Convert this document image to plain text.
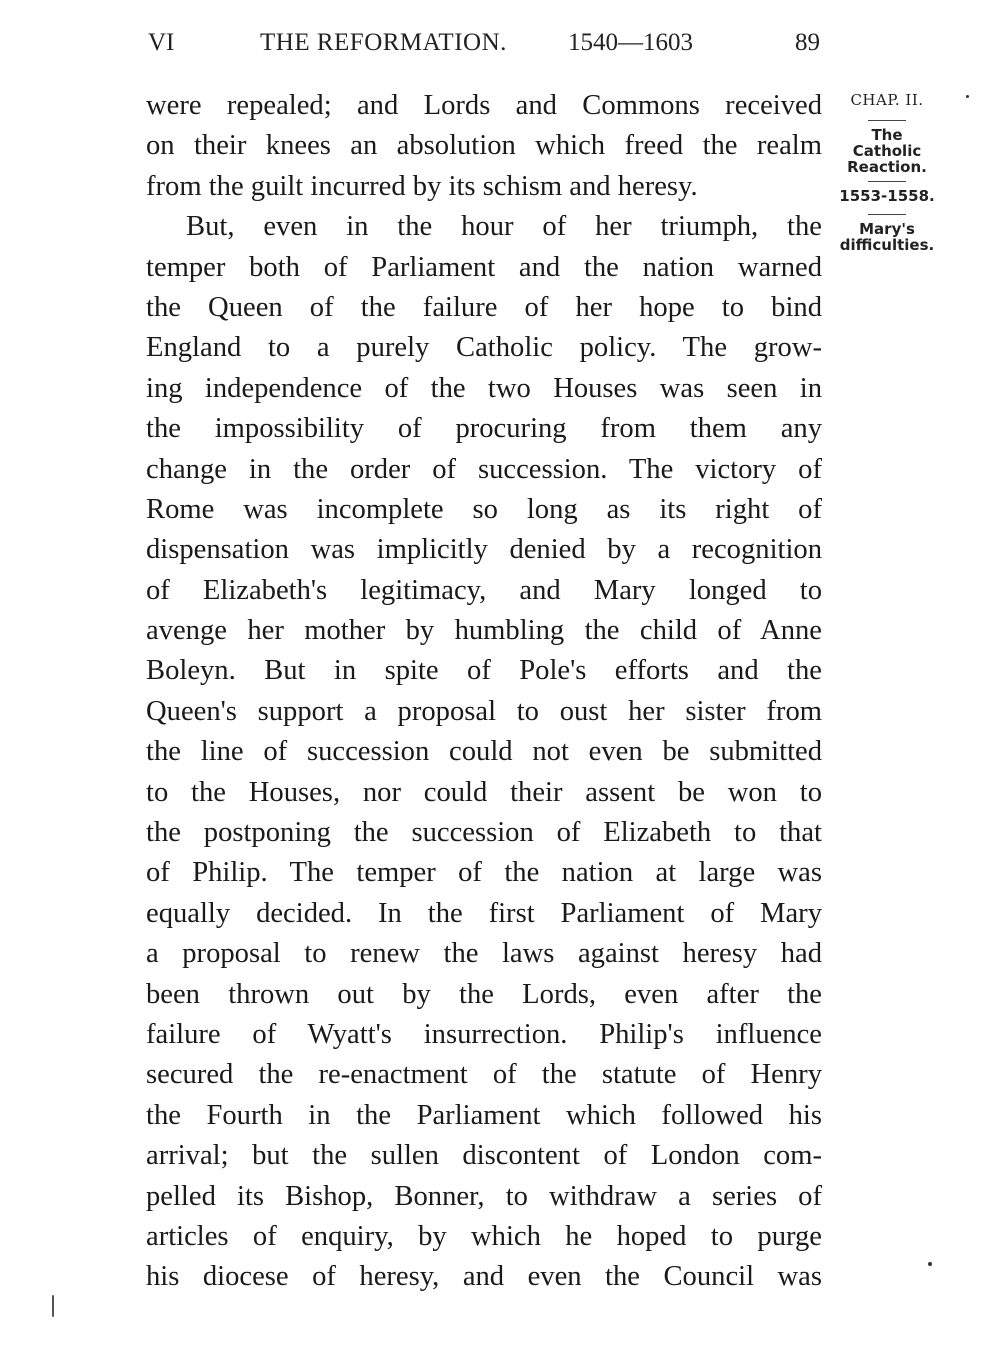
VI	THE REFORMATION. 1540—1603	89
were repealed; and Lords and Commons received
on their knees an absolution which freed the realm
from the guilt incurred by its schism and heresy.
But, even in the hour of her triumph, the
temper both of Parliament and the nation warned
the Queen of the failure of her hope to bind
England to a purely Catholic policy. The grow-
ing independence of the two Houses was seen in
the impossibility of procuring from them any
change in the order of succession. The victory of
Rome was incomplete so long as its right of
dispensation was implicitly denied by a recognition
of Elizabeth's legitimacy, and Mary longed to
avenge her mother by humbling the child of Anne
Boleyn. But in spite of Pole's efforts and the
Queen's support a proposal to oust her sister from
the line of succession could not even be submitted
to the Houses, nor could their assent be won to
the postponing the succession of Elizabeth to that
of Philip. The temper of the nation at large was
equally decided. In the first Parliament of Mary
a proposal to renew the laws against heresy had
been thrown out by the Lords, even after the
failure of Wyatt's insurrection. Philip's influence
secured the re-enactment of the statute of Henry
the Fourth in the Parliament which followed his
arrival; but the sullen discontent of London com-
pelled its Bishop, Bonner, to withdraw a series of
articles of enquiry, by which he hoped to purge
his diocese of heresy, and even the Council was
CHAP. II.
The
Catholic
Reaction.
1553-1558.
Mary's
difficulties.
